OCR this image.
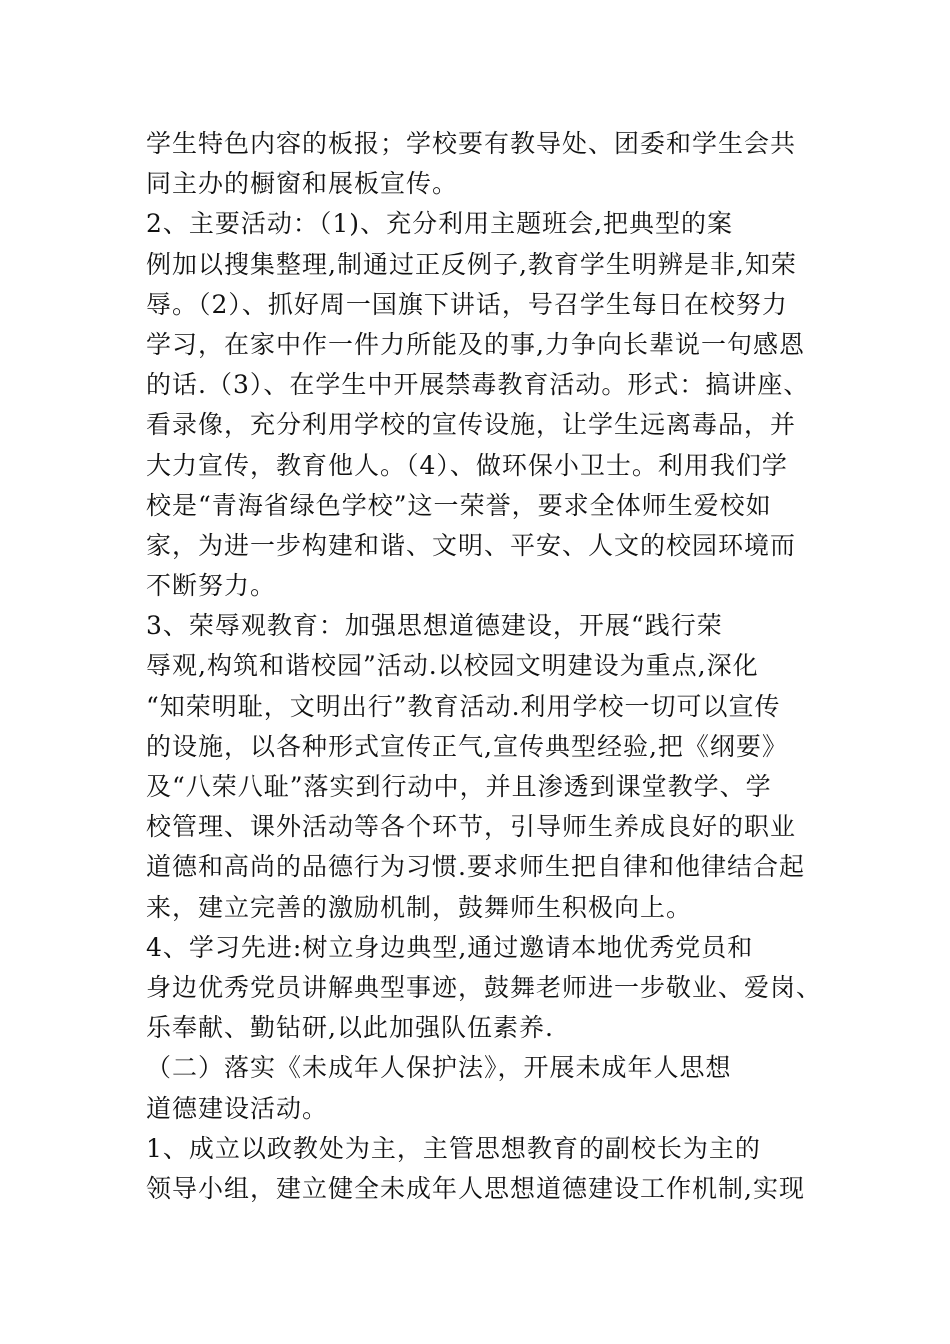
学生特色内容的板报；学校要有教导处、团委和学生会共
同主办的橱窗和展板宣传。
2、主要活动：（1)、充分利用主题班会,把典型的案
例加以搜集整理,制通过正反例子,教育学生明辨是非,知荣
辱。（2）、抓好周一国旗下讲话，号召学生每日在校努力
学习，在家中作一件力所能及的事,力争向长辈说一句感恩
的话.（3）、在学生中开展禁毒教育活动。形式：搞讲座、
看录像，充分利用学校的宣传设施，让学生远离毒品，并
大力宣传，教育他人。（4）、做环保小卫士。利用我们学
校是“青海省绿色学校”这一荣誉，要求全体师生爱校如
家，为进一步构建和谐、文明、平安、人文的校园环境而
不断努力。
3、荣辱观教育：加强思想道德建设，开展“践行荣
辱观,构筑和谐校园”活动.以校园文明建设为重点,深化
“知荣明耻，文明出行”教育活动.利用学校一切可以宣传
的设施，以各种形式宣传正气,宣传典型经验,把《纲要》
及“八荣八耻”落实到行动中，并且渗透到课堂教学、学
校管理、课外活动等各个环节，引导师生养成良好的职业
道德和高尚的品德行为习惯.要求师生把自律和他律结合起
来，建立完善的激励机制，鼓舞师生积极向上。
4、学习先进:树立身边典型,通过邀请本地优秀党员和
身边优秀党员讲解典型事迹，鼓舞老师进一步敬业、爱岗、
乐奉献、勤钻研,以此加强队伍素养.
（二）落实《未成年人保护法》，开展未成年人思想
道德建设活动。
1、成立以政教处为主，主管思想教育的副校长为主的
领导小组，建立健全未成年人思想道德建设工作机制,实现
